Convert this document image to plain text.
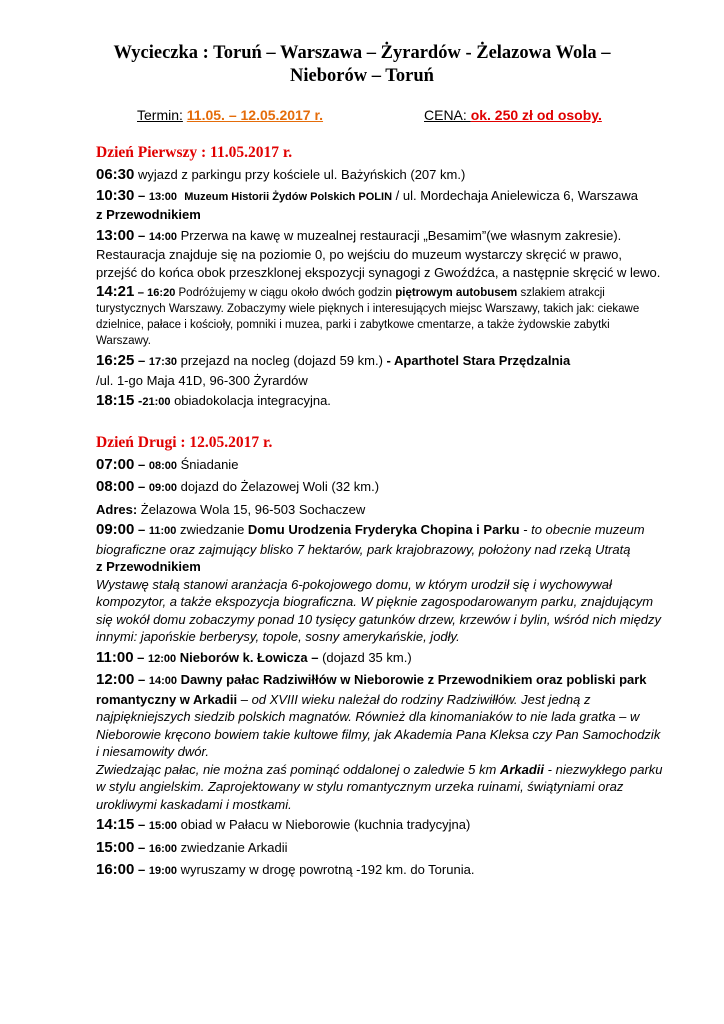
Wycieczka : Toruń – Warszawa – Żyrardów - Żelazowa Wola –
Nieborów – Toruń
Termin: 11.05. – 12.05.2017 r.	CENA: ok. 250 zł od osoby.
Dzień Pierwszy : 11.05.2017 r.
06:30 wyjazd z parkingu przy kościele ul. Bażyńskich (207 km.)
10:30 – 13:00 Muzeum Historii Żydów Polskich POLIN / ul. Mordechaja Anielewicza 6, Warszawa
z Przewodnikiem
13:00 – 14:00 Przerwa na kawę w muzealnej restauracji „Besamim”(we własnym zakresie). Restauracja znajduje się na poziomie 0, po wejściu do muzeum wystarczy skręcić w prawo, przejść do końca obok przeszklonej ekspozycji synagogi z Gwoźdźca, a następnie skręcić w lewo.
14:21 – 16:20 Podróżujemy w ciągu około dwóch godzin piętrowym autobusem szlakiem atrakcji turystycznych Warszawy. Zobaczymy wiele pięknych i interesujących miejsc Warszawy, takich jak: ciekawe dzielnice, pałace i kościoły, pomniki i muzea, parki i zabytkowe cmentarze, a także żydowskie zabytki Warszawy.
16:25 – 17:30 przejazd na nocleg (dojazd 59 km.) - Aparthotel Stara Przędzalnia
/ul. 1-go Maja 41D, 96-300 Żyrardów
18:15 -21:00 obiadokolacja integracyjna.
Dzień Drugi : 12.05.2017 r.
07:00 – 08:00 Śniadanie
08:00 – 09:00 dojazd do Żelazowej Woli (32 km.)
Adres: Żelazowa Wola 15, 96-503 Sochaczew
09:00 – 11:00 zwiedzanie Domu Urodzenia Fryderyka Chopina i Parku - to obecnie muzeum biograficzne oraz zajmujący blisko 7 hektarów, park krajobrazowy, położony nad rzeką Utratą
z Przewodnikiem
Wystawę stałą stanowi aranżacja 6-pokojowego domu, w którym urodził się i wychowywał kompozytor, a także ekspozycja biograficzna. W pięknie zagospodarowanym parku, znajdującym się wokół domu zobaczymy ponad 10 tysięcy gatunków drzew, krzewów i bylin, wśród nich między innymi: japońskie berberysy, topole, sosny amerykańskie, jodły.
11:00 – 12:00 Nieborów k. Łowicza – (dojazd 35 km.)
12:00 – 14:00 Dawny pałac Radziwiłłów w Nieborowie z Przewodnikiem oraz pobliski park romantyczny w Arkadii – od XVIII wieku należał do rodziny Radziwiłłów. Jest jedną z najpiękniejszych siedzib polskich magnatów. Również dla kinomaniaków to nie lada gratka – w Nieborowie kręcono bowiem takie kultowe filmy, jak Akademia Pana Kleksa czy Pan Samochodzik i niesamowity dwór.
Zwiedzając pałac, nie można zaś pominąć oddalonej o zaledwie 5 km Arkadii - niezwykłego parku w stylu angielskim. Zaprojektowany w stylu romantycznym urzeka ruinami, świątyniami oraz urokliwymi kaskadami i mostkami.
14:15 – 15:00 obiad w Pałacu w Nieborowie (kuchnia tradycyjna)
15:00 – 16:00 zwiedzanie Arkadii
16:00 – 19:00 wyruszamy w drogę powrotną -192 km. do Torunia.
